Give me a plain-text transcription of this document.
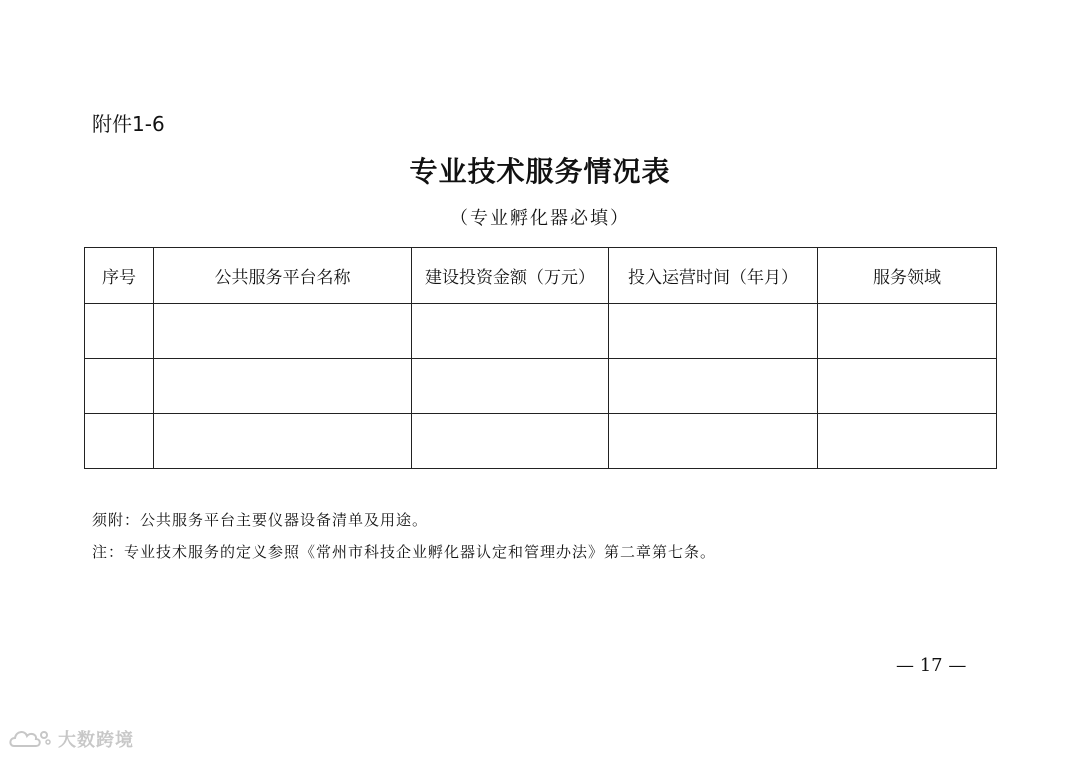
附件1-6
专业技术服务情况表
（专业孵化器必填）
序号	公共服务平台名称	建设投资金额（万元）	投入运营时间（年月）	服务领域

须附：公共服务平台主要仪器设备清单及用途。
注：专业技术服务的定义参照《常州市科技企业孵化器认定和管理办法》第二章第七条。
— 17 —
大数跨境
